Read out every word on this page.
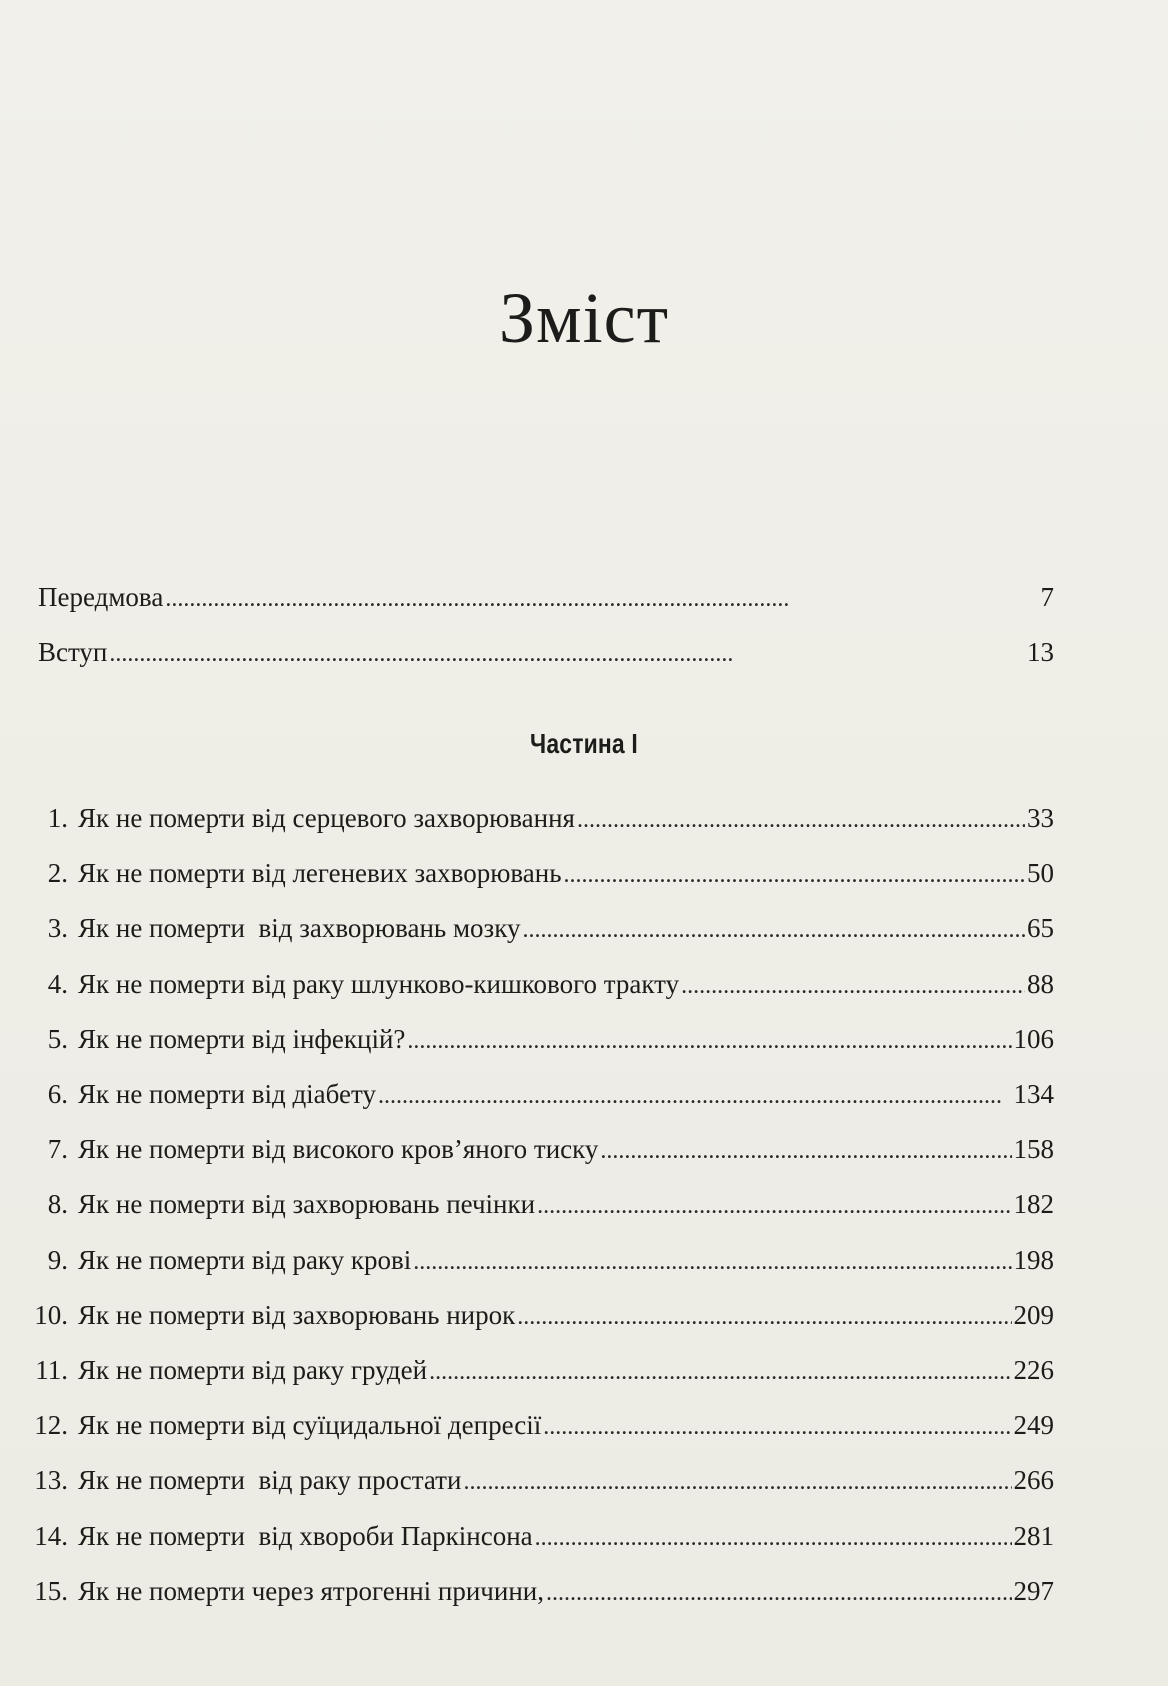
Зміст
Передмова . . .	7
Вступ . . .	13
Частина І
1. Як не померти від серцевого захворювання . . .	33
2. Як не померти від легеневих захворювань . . .	50
3. Як не померти  від захворювань мозку . . .	65
4. Як не померти від раку шлунково-кишкового тракту . . .	88
5. Як не померти від інфекцій? . . .	106
6. Як не померти від діабету . . .	134
7. Як не померти від високого кров’яного тиску . . .	158
8. Як не померти від захворювань печінки . . .	182
9. Як не померти від раку крові . . .	198
10. Як не померти від захворювань нирок . . .	209
11. Як не померти від раку грудей . . .	226
12. Як не померти від суїцидальної депресії . . .	249
13. Як не померти  від раку простати . . .	266
14. Як не померти  від хвороби Паркінсона . . .	281
15. Як не померти через ятрогенні причини, . . .	297
